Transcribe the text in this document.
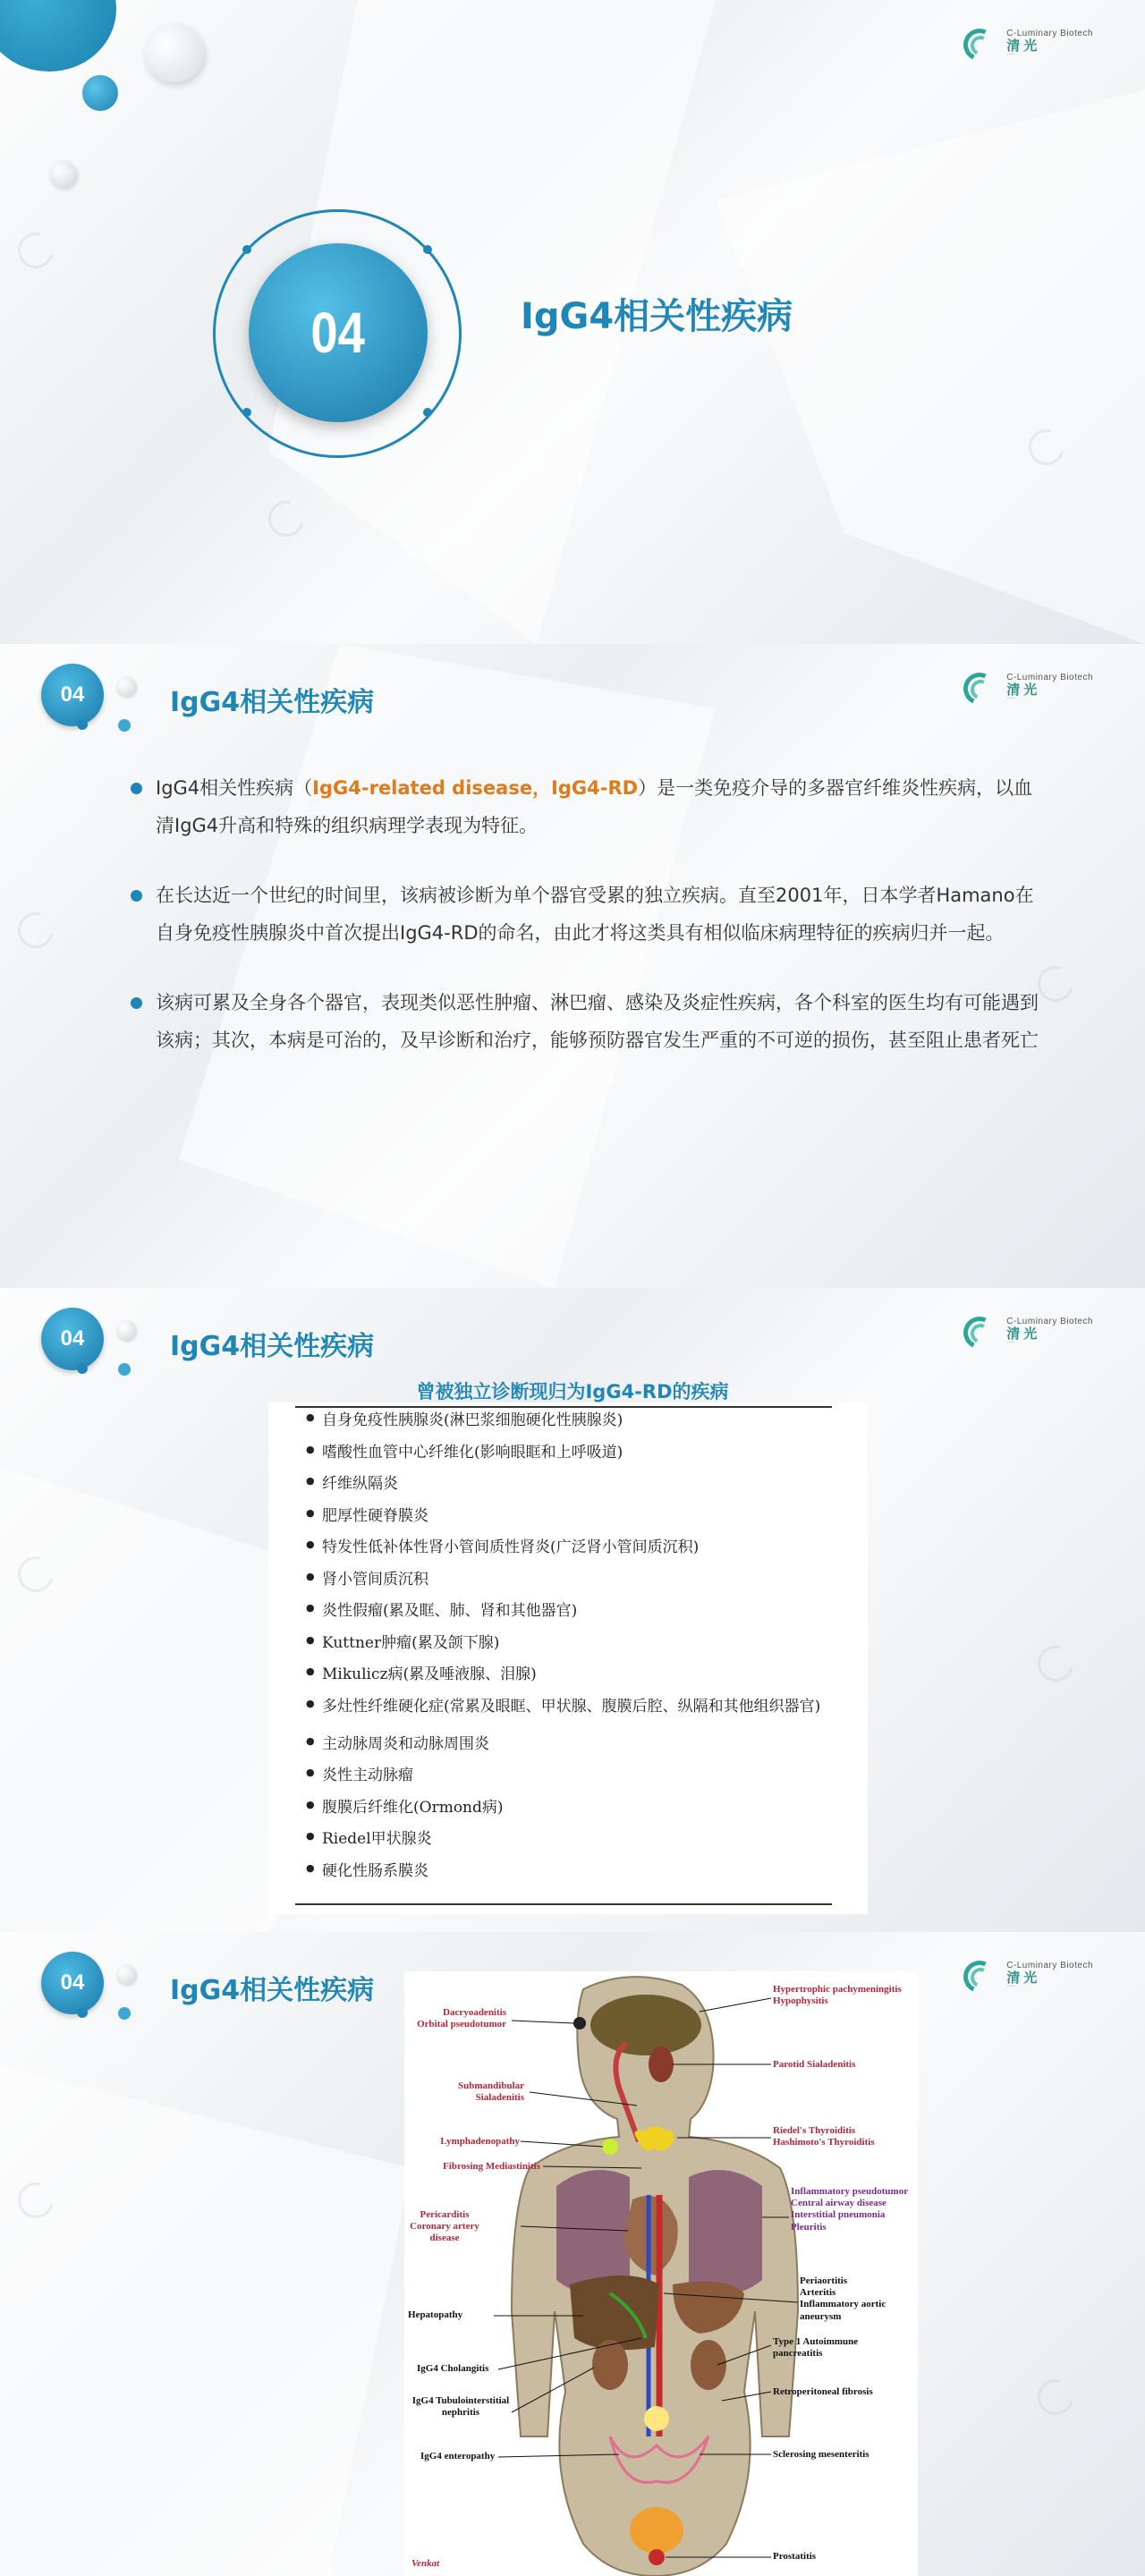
C-Luminary Biotech
清光
·····
04	IgG4相关性疾病
04	IgG4相关性疾病
C-Luminary Biotech
清光
·····

IgG4相关性疾病（IgG4-related disease，IgG4-RD）是一类免疫介导的多器官纤维炎性疾病，以血清IgG4升高和特殊的组织病理学表现为特征。

在长达近一个世纪的时间里，该病被诊断为单个器官受累的独立疾病。直至2001年，日本学者Hamano在自身免疫性胰腺炎中首次提出IgG4-RD的命名，由此才将这类具有相似临床病理特征的疾病归并一起。

该病可累及全身各个器官，表现类似恶性肿瘤、淋巴瘤、感染及炎症性疾病，各个科室的医生均有可能遇到该病；其次，本病是可治的，及早诊断和治疗，能够预防器官发生严重的不可逆的损伤，甚至阻止患者死亡

04	IgG4相关性疾病
C-Luminary Biotech
清光
·····
曾被独立诊断现归为IgG4-RD的疾病
● 自身免疫性胰腺炎(淋巴浆细胞硬化性胰腺炎)
● 嗜酸性血管中心纤维化(影响眼眶和上呼吸道)
● 纤维纵隔炎
● 肥厚性硬脊膜炎
● 特发性低补体性肾小管间质性肾炎(广泛肾小管间质沉积)
● 肾小管间质沉积
● 炎性假瘤(累及眶、肺、肾和其他器官)
● Kuttner肿瘤(累及颌下腺)
● Mikulicz病(累及唾液腺、泪腺)
● 多灶性纤维硬化症(常累及眼眶、甲状腺、腹膜后腔、纵隔和其他组织器官)
● 主动脉周炎和动脉周围炎
● 炎性主动脉瘤
● 腹膜后纤维化(Ormond病)
● Riedel甲状腺炎
● 硬化性肠系膜炎
04	IgG4相关性疾病
C-Luminary Biotech
清光
·····
Dacryoadenitis
Orbital pseudotumor
Submandibular
Sialadenitis
Lymphadenopathy
Fibrosing Mediastinitis
Pericarditis
Coronary artery
disease
Hepatopathy
IgG4 Cholangitis
IgG4 Tubulointerstitial
nephritis
IgG4 enteropathy
Hypertrophic pachymeningitis
Hypophysitis
Parotid Sialadenitis
Riedel's Thyroiditis
Hashimoto's Thyroiditis
Inflammatory pseudotumor
Central airway disease
Interstitial pneumonia
Pleuritis
Periaortitis
Arteritis
Inflammatory aortic
aneurysm
Type 1 Autoimmune
pancreatitis
Retroperitoneal fibrosis
Sclerosing mesenteritis
Prostatitis
Venkat
